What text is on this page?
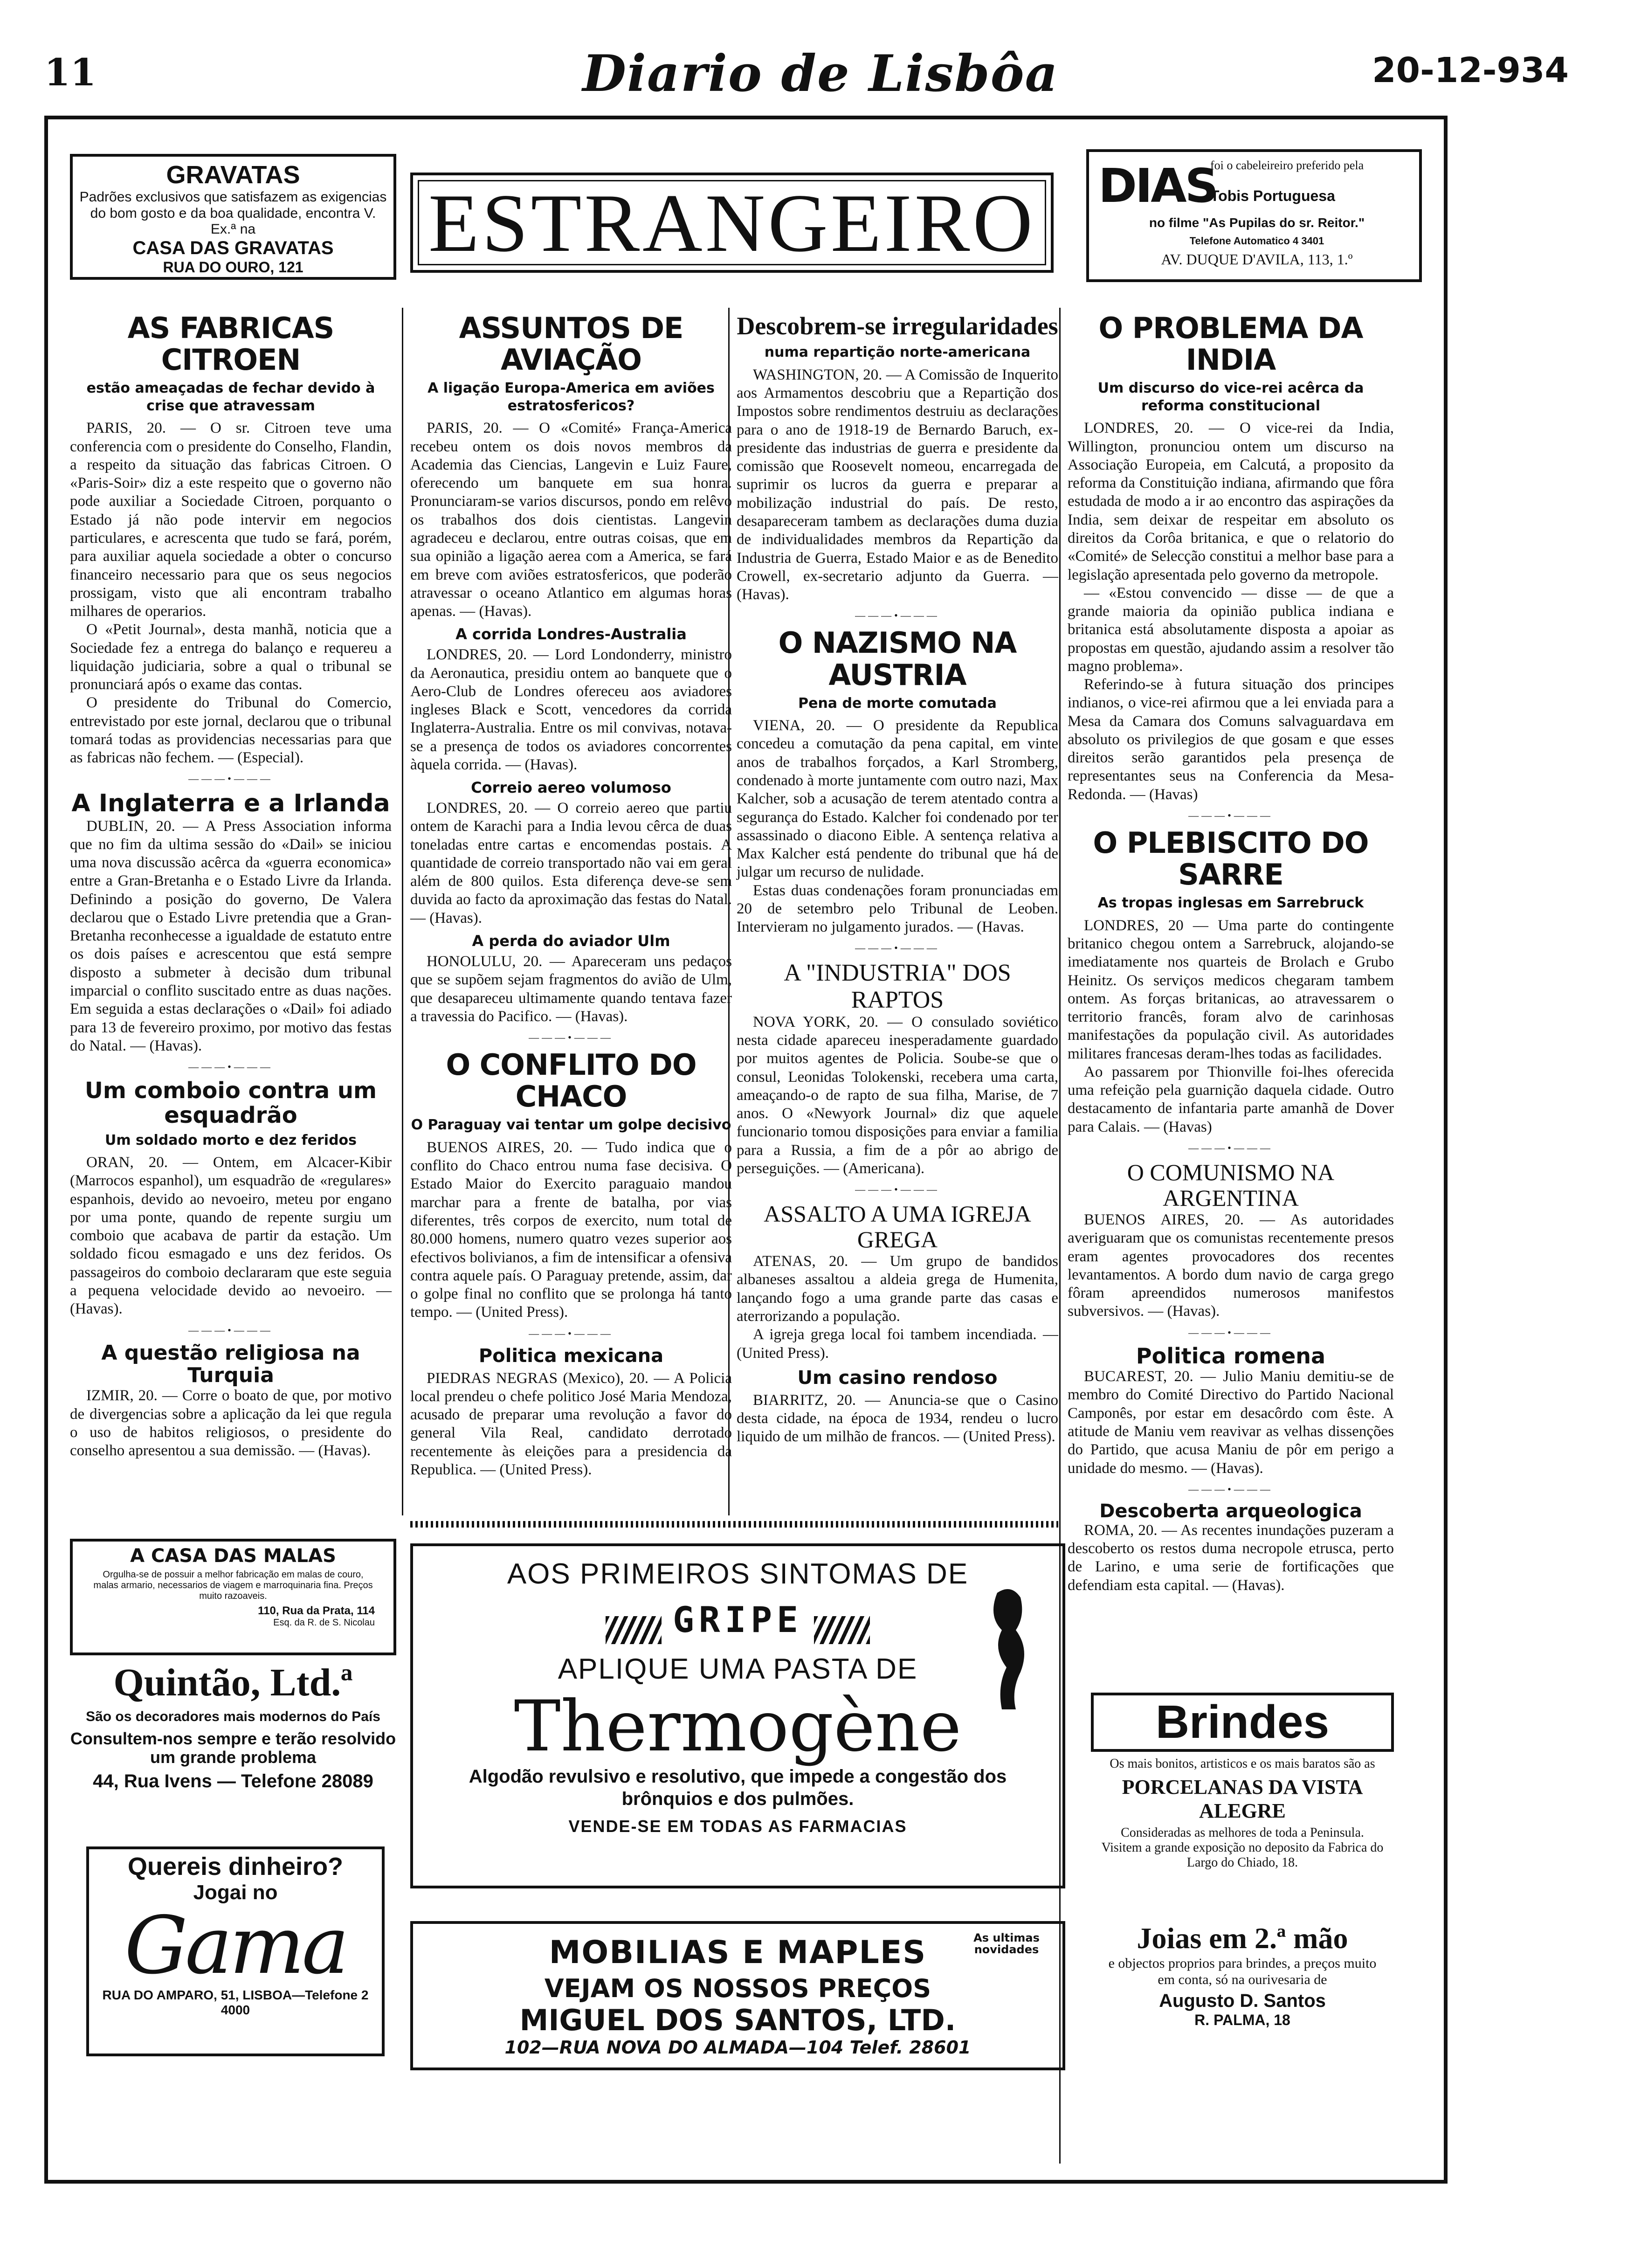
11	Diario de Lisbôa	20-12-934
GRAVATAS
Padrões exclusivos que satisfazem as exigencias do bom gosto e da boa qualidade, encontra V. Ex.ª na
CASA DAS GRAVATAS
RUA DO OURO, 121	ESTRANGEIRO DIAS
foi o cabeleireiro preferido pela
Tobis Portuguesa
no filme "As Pupilas do sr. Reitor."
Telefone Automatico 4 3401
AV. DUQUE D'AVILA, 113, 1.º
AS FABRICAS CITROEN
estão ameaçadas de fechar devido à crise que atravessam

PARIS, 20. — O sr. Citroen teve uma conferencia com o presidente do Conselho, Flandin, a respeito da situação das fabricas Citroen. O «Paris-Soir» diz a este respeito que o governo não pode auxiliar a Sociedade Citroen, porquanto o Estado já não pode intervir em negocios particulares, e acrescenta que tudo se fará, porém, para auxiliar aquela sociedade a obter o concurso financeiro necessario para que os seus negocios prossigam, visto que ali encontram trabalho milhares de operarios.

O «Petit Journal», desta manhã, noticia que a Sociedade fez a entrega do balanço e requereu a liquidação judiciaria, sobre a qual o tribunal se pronunciará após o exame das contas.

O presidente do Tribunal do Comercio, entrevistado por este jornal, declarou que o tribunal tomará todas as providencias necessarias para que as fabricas não fechem. — (Especial).

———•———
A Inglaterra e a Irlanda

DUBLIN, 20. — A Press Association informa que no fim da ultima sessão do «Dail» se iniciou uma nova discussão acêrca da «guerra economica» entre a Gran-Bretanha e o Estado Livre da Irlanda. Definindo a posição do governo, De Valera declarou que o Estado Livre pretendia que a Gran-Bretanha reconhecesse a igualdade de estatuto entre os dois países e acrescentou que está sempre disposto a submeter à decisão dum tribunal imparcial o conflito suscitado entre as duas nações. Em seguida a estas declarações o «Dail» foi adiado para 13 de fevereiro proximo, por motivo das festas do Natal. — (Havas).

———•———
Um comboio contra um esquadrão
Um soldado morto e dez feridos

ORAN, 20. — Ontem, em Alcacer-Kibir (Marrocos espanhol), um esquadrão de «regulares» espanhois, devido ao nevoeiro, meteu por engano por uma ponte, quando de repente surgiu um comboio que acabava de partir da estação. Um soldado ficou esmagado e uns dez feridos. Os passageiros do comboio declararam que este seguia a pequena velocidade devido ao nevoeiro. — (Havas).

———•———
A questão religiosa na Turquia

IZMIR, 20. — Corre o boato de que, por motivo de divergencias sobre a aplicação da lei que regula o uso de habitos religiosos, o presidente do conselho apresentou a sua demissão. — (Havas).

A CASA DAS MALAS
Orgulha-se de possuir a melhor fabricação em malas de couro, malas armario, necessarios de viagem e marroquinaria fina. Preços muito razoaveis.
110, Rua da Prata, 114
Esq. da R. de S. Nicolau
Quintão, Ltd.ª
São os decoradores mais modernos do País
Consultem-nos sempre e terão resolvido um grande problema
44, Rua Ivens — Telefone 28089
Quereis dinheiro?
Jogai no
Gama
RUA DO AMPARO, 51, LISBOA—Telefone 2 4000
ASSUNTOS DE AVIAÇÃO
A ligação Europa-America em aviões estratosfericos?

PARIS, 20. — O «Comité» França-America recebeu ontem os dois novos membros da Academia das Ciencias, Langevin e Luiz Faure, oferecendo um banquete em sua honra. Pronunciaram-se varios discursos, pondo em relêvo os trabalhos dos dois cientistas. Langevin agradeceu e declarou, entre outras coisas, que em sua opinião a ligação aerea com a America, se fará em breve com aviões estratosfericos, que poderão atravessar o oceano Atlantico em algumas horas apenas. — (Havas).

A corrida Londres-Australia

LONDRES, 20. — Lord Londonderry, ministro da Aeronautica, presidiu ontem ao banquete que o Aero-Club de Londres ofereceu aos aviadores ingleses Black e Scott, vencedores da corrida Inglaterra-Australia. Entre os mil convivas, notava-se a presença de todos os aviadores concorrentes àquela corrida. — (Havas).

Correio aereo volumoso

LONDRES, 20. — O correio aereo que partiu ontem de Karachi para a India levou cêrca de duas toneladas entre cartas e encomendas postais. A quantidade de correio transportado não vai em geral além de 800 quilos. Esta diferença deve-se sem duvida ao facto da aproximação das festas do Natal. — (Havas).

A perda do aviador Ulm

HONOLULU, 20. — Apareceram uns pedaços que se supõem sejam fragmentos do avião de Ulm, que desapareceu ultimamente quando tentava fazer a travessia do Pacifico. — (Havas).

———•———
O CONFLITO DO CHACO
O Paraguay vai tentar um golpe decisivo

BUENOS AIRES, 20. — Tudo indica que o conflito do Chaco entrou numa fase decisiva. O Estado Maior do Exercito paraguaio mandou marchar para a frente de batalha, por vias diferentes, três corpos de exercito, num total de 80.000 homens, numero quatro vezes superior aos efectivos bolivianos, a fim de intensificar a ofensiva contra aquele país. O Paraguay pretende, assim, dar o golpe final no conflito que se prolonga há tanto tempo. — (United Press).

———•———
Politica mexicana

PIEDRAS NEGRAS (Mexico), 20. — A Policia local prendeu o chefe politico José Maria Mendoza, acusado de preparar uma revolução a favor do general Vila Real, candidato derrotado recentemente às eleições para a presidencia da Republica. — (United Press).

Descobrem-se irregularidades
numa repartição norte-americana

WASHINGTON, 20. — A Comissão de Inquerito aos Armamentos descobriu que a Repartição dos Impostos sobre rendimentos destruiu as declarações para o ano de 1918-19 de Bernardo Baruch, ex-presidente das industrias de guerra e presidente da comissão que Roosevelt nomeou, encarregada de suprimir os lucros da guerra e preparar a mobilização industrial do país. De resto, desapareceram tambem as declarações duma duzia de individualidades membros da Repartição da Industria de Guerra, Estado Maior e as de Benedito Crowell, ex-secretario adjunto da Guerra. — (Havas).

———•———
O NAZISMO NA AUSTRIA
Pena de morte comutada

VIENA, 20. — O presidente da Republica concedeu a comutação da pena capital, em vinte anos de trabalhos forçados, a Karl Stromberg, condenado à morte juntamente com outro nazi, Max Kalcher, sob a acusação de terem atentado contra a segurança do Estado. Kalcher foi condenado por ter assassinado o diacono Eible. A sentença relativa a Max Kalcher está pendente do tribunal que há de julgar um recurso de nulidade.

Estas duas condenações foram pronunciadas em 20 de setembro pelo Tribunal de Leoben. Intervieram no julgamento jurados. — (Havas.

———•———
A "INDUSTRIA" DOS RAPTOS

NOVA YORK, 20. — O consulado soviético nesta cidade apareceu inesperadamente guardado por muitos agentes de Policia. Soube-se que o consul, Leonidas Tolokenski, recebera uma carta, ameaçando-o de rapto de sua filha, Marise, de 7 anos. O «Newyork Journal» diz que aquele funcionario tomou disposições para enviar a familia para a Russia, a fim de a pôr ao abrigo de perseguições. — (Americana).

———•———
ASSALTO A UMA IGREJA GREGA

ATENAS, 20. — Um grupo de bandidos albaneses assaltou a aldeia grega de Humenita, lançando fogo a uma grande parte das casas e aterrorizando a população.

A igreja grega local foi tambem incendiada. — (United Press).

Um casino rendoso

BIARRITZ, 20. — Anuncia-se que o Casino desta cidade, na época de 1934, rendeu o lucro liquido de um milhão de francos. — (United Press).

O PROBLEMA DA INDIA
Um discurso do vice-rei acêrca da reforma constitucional

LONDRES, 20. — O vice-rei da India, Willington, pronunciou ontem um discurso na Associação Europeia, em Calcutá, a proposito da reforma da Constituição indiana, afirmando que fôra estudada de modo a ir ao encontro das aspirações da India, sem deixar de respeitar em absoluto os direitos da Corôa britanica, e que o relatorio do «Comité» de Selecção constitui a melhor base para a legislação apresentada pelo governo da metropole.

— «Estou convencido — disse — de que a grande maioria da opinião publica indiana e britanica está absolutamente disposta a apoiar as propostas em questão, ajudando assim a resolver tão magno problema».

Referindo-se à futura situação dos principes indianos, o vice-rei afirmou que a lei enviada para a Mesa da Camara dos Comuns salvaguardava em absoluto os privilegios de que gosam e que esses direitos serão garantidos pela presença de representantes seus na Conferencia da Mesa-Redonda. — (Havas)

———•———
O PLEBISCITO DO SARRE
As tropas inglesas em Sarrebruck

LONDRES, 20 — Uma parte do contingente britanico chegou ontem a Sarrebruck, alojando-se imediatamente nos quarteis de Brolach e Grubo Heinitz. Os serviços medicos chegaram tambem ontem. As forças britanicas, ao atravessarem o territorio francês, foram alvo de carinhosas manifestações da população civil. As autoridades militares francesas deram-lhes todas as facilidades.

Ao passarem por Thionville foi-lhes oferecida uma refeição pela guarnição daquela cidade. Outro destacamento de infantaria parte amanhã de Dover para Calais. — (Havas)

———•———
O COMUNISMO NA ARGENTINA

BUENOS AIRES, 20. — As autoridades averiguaram que os comunistas recentemente presos eram agentes provocadores dos recentes levantamentos. A bordo dum navio de carga grego fôram apreendidos numerosos manifestos subversivos. — (Havas).

———•———
Politica romena

BUCAREST, 20. — Julio Maniu demitiu-se de membro do Comité Directivo do Partido Nacional Camponês, por estar em desacôrdo com êste. A atitude de Maniu vem reavivar as velhas dissenções do Partido, que acusa Maniu de pôr em perigo a unidade do mesmo. — (Havas).

———•———
Descoberta arqueologica

ROMA, 20. — As recentes inundações puzeram a descoberto os restos duma necropole etrusca, perto de Larino, e uma serie de fortificações que defendiam esta capital. — (Havas).

AOS PRIMEIROS SINTOMAS DE
GRIPE
APLIQUE UMA PASTA DE
Thermogène
Algodão revulsivo e resolutivo, que impede a congestão dos brônquios e dos pulmões.
VENDE-SE EM TODAS AS FARMACIAS
MOBILIAS E MAPLES	As ultimas novidades
VEJAM OS NOSSOS PREÇOS
MIGUEL DOS SANTOS, LTD.
102—RUA NOVA DO ALMADA—104 Telef. 28601
Brindes
Os mais bonitos, artisticos e os mais baratos são as
PORCELANAS DA VISTA ALEGRE
Consideradas as melhores de toda a Peninsula.
Visitem a grande exposição no deposito da Fabrica do Largo do Chiado, 18.
Joias em 2.ª mão
e objectos proprios para brindes, a preços muito em conta, só na ourivesaria de
Augusto D. Santos
R. PALMA, 18
